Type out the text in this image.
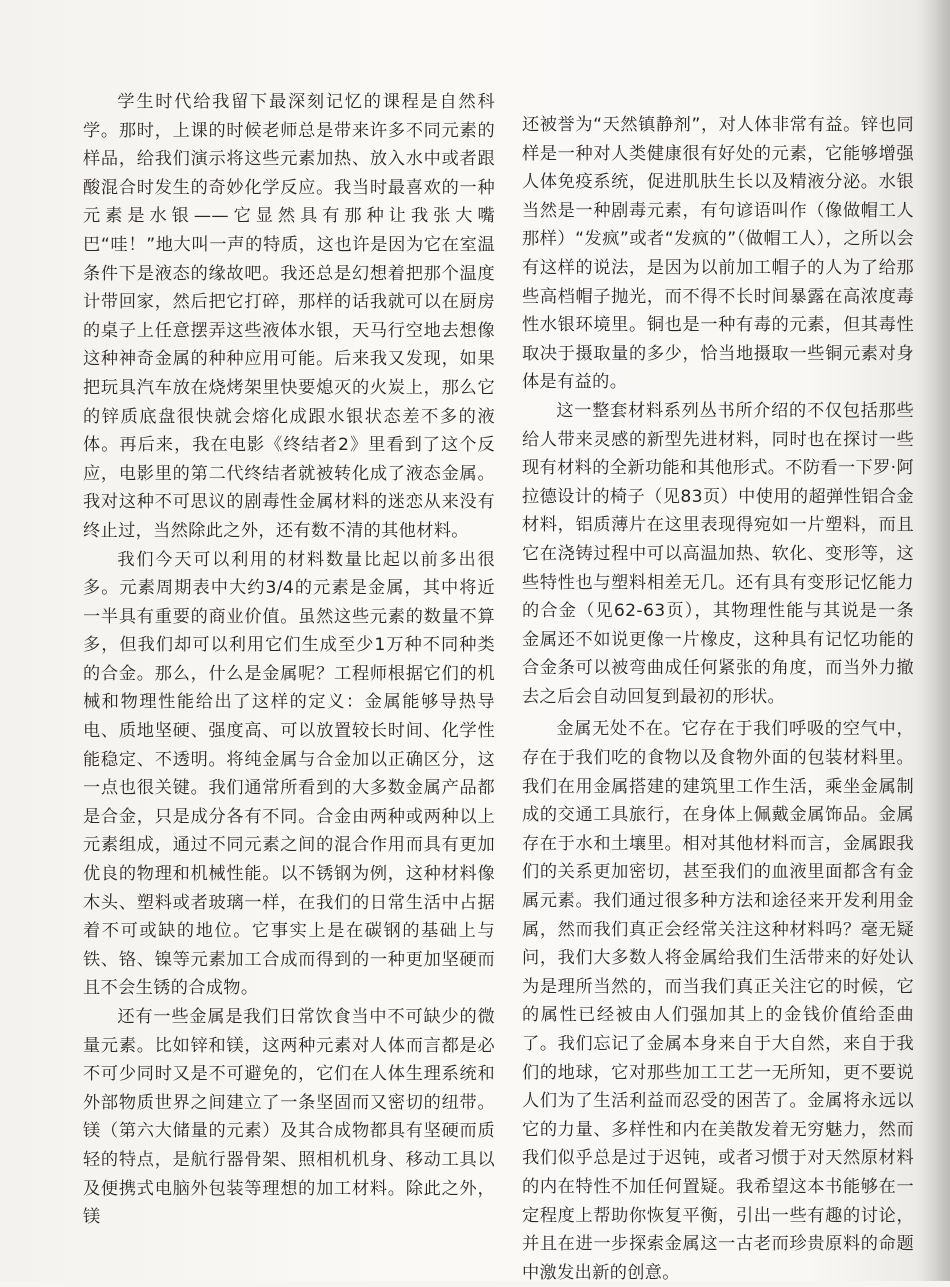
学生时代给我留下最深刻记忆的课程是自然科学。那时，上课的时候老师总是带来许多不同元素的样品，给我们演示将这些元素加热、放入水中或者跟酸混合时发生的奇妙化学反应。我当时最喜欢的一种元素是水银——它显然具有那种让我张大嘴巴“哇！”地大叫一声的特质，这也许是因为它在室温条件下是液态的缘故吧。我还总是幻想着把那个温度计带回家，然后把它打碎，那样的话我就可以在厨房的桌子上任意摆弄这些液体水银，天马行空地去想像这种神奇金属的种种应用可能。后来我又发现，如果把玩具汽车放在烧烤架里快要熄灭的火炭上，那么它的锌质底盘很快就会熔化成跟水银状态差不多的液体。再后来，我在电影《终结者2》里看到了这个反应，电影里的第二代终结者就被转化成了液态金属。我对这种不可思议的剧毒性金属材料的迷恋从来没有终止过，当然除此之外，还有数不清的其他材料。

我们今天可以利用的材料数量比起以前多出很多。元素周期表中大约3/4的元素是金属，其中将近一半具有重要的商业价值。虽然这些元素的数量不算多，但我们却可以利用它们生成至少1万种不同种类的合金。那么，什么是金属呢？工程师根据它们的机械和物理性能给出了这样的定义：金属能够导热导电、质地坚硬、强度高、可以放置较长时间、化学性能稳定、不透明。将纯金属与合金加以正确区分，这一点也很关键。我们通常所看到的大多数金属产品都是合金，只是成分各有不同。合金由两种或两种以上元素组成，通过不同元素之间的混合作用而具有更加优良的物理和机械性能。以不锈钢为例，这种材料像木头、塑料或者玻璃一样，在我们的日常生活中占据着不可或缺的地位。它事实上是在碳钢的基础上与铁、铬、镍等元素加工合成而得到的一种更加坚硬而且不会生锈的合成物。

还有一些金属是我们日常饮食当中不可缺少的微量元素。比如锌和镁，这两种元素对人体而言都是必不可少同时又是不可避免的，它们在人体生理系统和外部物质世界之间建立了一条坚固而又密切的纽带。镁（第六大储量的元素）及其合成物都具有坚硬而质轻的特点，是航行器骨架、照相机机身、移动工具以及便携式电脑外包装等理想的加工材料。除此之外，镁

还被誉为“天然镇静剂”，对人体非常有益。锌也同样是一种对人类健康很有好处的元素，它能够增强人体免疫系统，促进肌肤生长以及精液分泌。水银当然是一种剧毒元素，有句谚语叫作（像做帽工人那样）“发疯”或者“发疯的”（做帽工人），之所以会有这样的说法，是因为以前加工帽子的人为了给那些高档帽子抛光，而不得不长时间暴露在高浓度毒性水银环境里。铜也是一种有毒的元素，但其毒性取决于摄取量的多少，恰当地摄取一些铜元素对身体是有益的。

这一整套材料系列丛书所介绍的不仅包括那些给人带来灵感的新型先进材料，同时也在探讨一些现有材料的全新功能和其他形式。不防看一下罗·阿拉德设计的椅子（见83页）中使用的超弹性铝合金材料，铝质薄片在这里表现得宛如一片塑料，而且它在浇铸过程中可以高温加热、软化、变形等，这些特性也与塑料相差无几。还有具有变形记忆能力的合金（见62-63页），其物理性能与其说是一条金属还不如说更像一片橡皮，这种具有记忆功能的合金条可以被弯曲成任何紧张的角度，而当外力撤去之后会自动回复到最初的形状。

金属无处不在。它存在于我们呼吸的空气中，存在于我们吃的食物以及食物外面的包装材料里。我们在用金属搭建的建筑里工作生活，乘坐金属制成的交通工具旅行，在身体上佩戴金属饰品。金属存在于水和土壤里。相对其他材料而言，金属跟我们的关系更加密切，甚至我们的血液里面都含有金属元素。我们通过很多种方法和途径来开发利用金属，然而我们真正会经常关注这种材料吗？毫无疑问，我们大多数人将金属给我们生活带来的好处认为是理所当然的，而当我们真正关注它的时候，它的属性已经被由人们强加其上的金钱价值给歪曲了。我们忘记了金属本身来自于大自然，来自于我们的地球，它对那些加工工艺一无所知，更不要说人们为了生活利益而忍受的困苦了。金属将永远以它的力量、多样性和内在美散发着无穷魅力，然而我们似乎总是过于迟钝，或者习惯于对天然原材料的内在特性不加任何置疑。我希望这本书能够在一定程度上帮助你恢复平衡，引出一些有趣的讨论，并且在进一步探索金属这一古老而珍贵原料的命题中激发出新的创意。
